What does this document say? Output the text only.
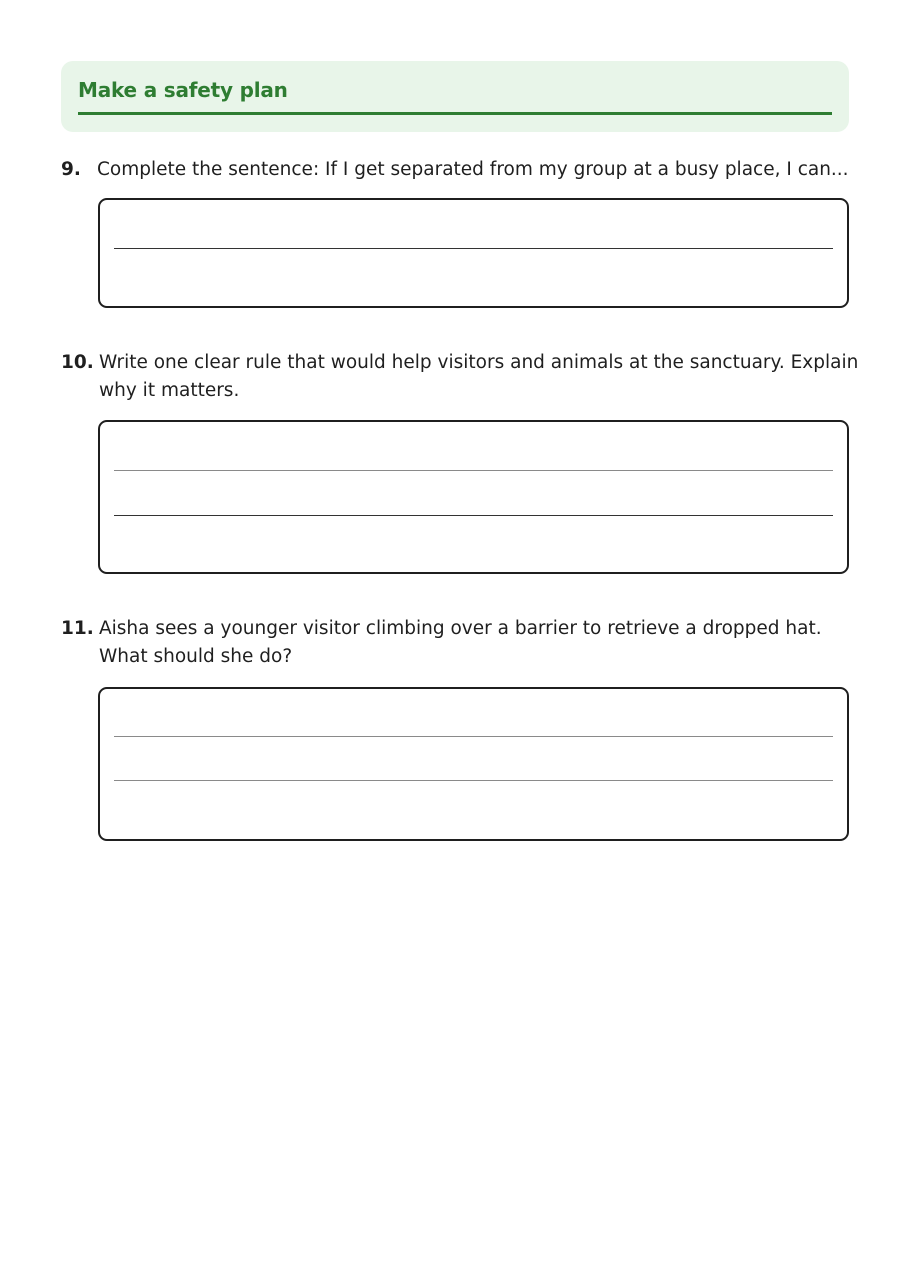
Make a safety plan
9. Complete the sentence: If I get separated from my group at a busy place, I can...
10. Write one clear rule that would help visitors and animals at the sanctuary. Explain
why it matters.
11. Aisha sees a younger visitor climbing over a barrier to retrieve a dropped hat.
What should she do?
